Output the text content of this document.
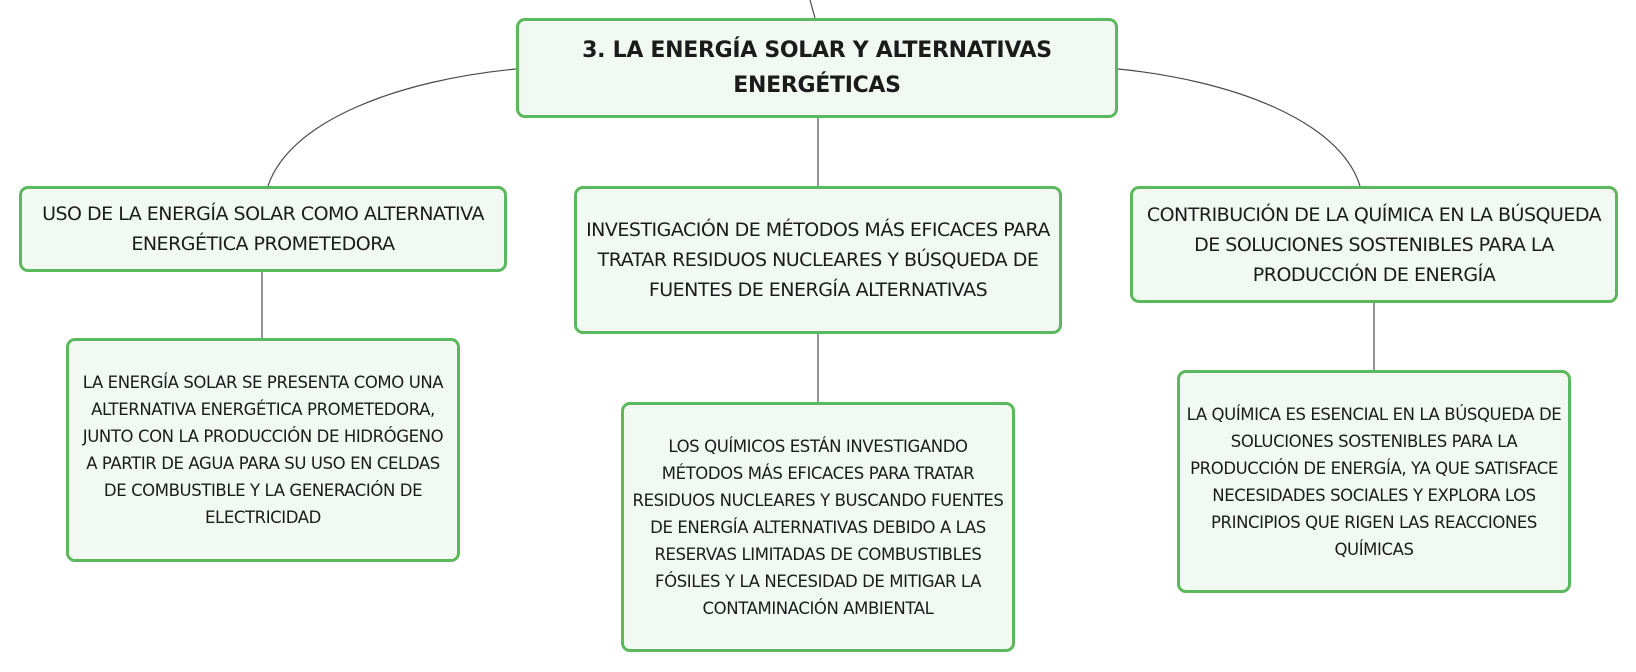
3. LA ENERGÍA SOLAR Y ALTERNATIVAS ENERGÉTICAS
USO DE LA ENERGÍA SOLAR COMO ALTERNATIVA ENERGÉTICA PROMETEDORA
INVESTIGACIÓN DE MÉTODOS MÁS EFICACES PARA TRATAR RESIDUOS NUCLEARES Y BÚSQUEDA DE FUENTES DE ENERGÍA ALTERNATIVAS
CONTRIBUCIÓN DE LA QUÍMICA EN LA BÚSQUEDA DE SOLUCIONES SOSTENIBLES PARA LA PRODUCCIÓN DE ENERGÍA
LA ENERGÍA SOLAR SE PRESENTA COMO UNA ALTERNATIVA ENERGÉTICA PROMETEDORA, JUNTO CON LA PRODUCCIÓN DE HIDRÓGENO A PARTIR DE AGUA PARA SU USO EN CELDAS DE COMBUSTIBLE Y LA GENERACIÓN DE ELECTRICIDAD
LOS QUÍMICOS ESTÁN INVESTIGANDO MÉTODOS MÁS EFICACES PARA TRATAR RESIDUOS NUCLEARES Y BUSCANDO FUENTES DE ENERGÍA ALTERNATIVAS DEBIDO A LAS RESERVAS LIMITADAS DE COMBUSTIBLES FÓSILES Y LA NECESIDAD DE MITIGAR LA CONTAMINACIÓN AMBIENTAL
LA QUÍMICA ES ESENCIAL EN LA BÚSQUEDA DE SOLUCIONES SOSTENIBLES PARA LA PRODUCCIÓN DE ENERGÍA, YA QUE SATISFACE NECESIDADES SOCIALES Y EXPLORA LOS PRINCIPIOS QUE RIGEN LAS REACCIONES QUÍMICAS
